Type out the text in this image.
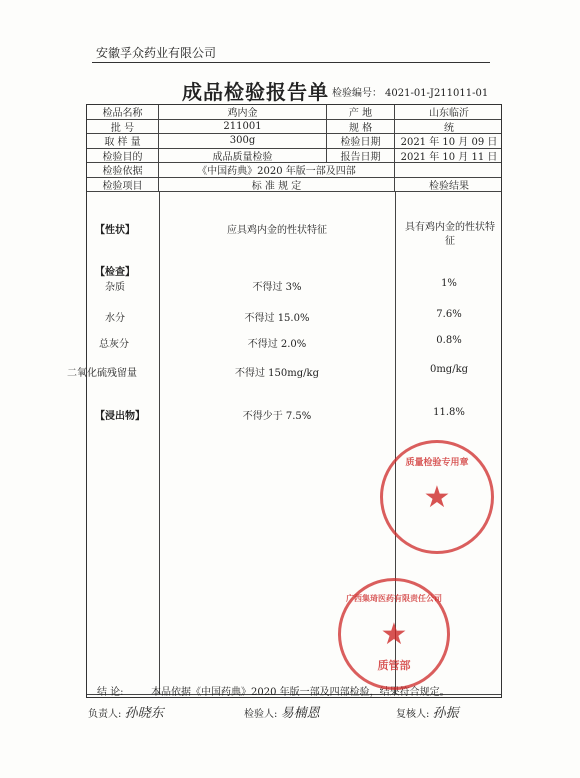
安徽孚众药业有限公司
成品检验报告单 检验编号： 4021-01-J211011-01
检品名称	鸡内金	产 地	山东临沂
批 号	211001	规 格	统
取 样 量	300g	检验日期	2021 年 10 月 09 日
检验目的	成品质量检验	报告日期	2021 年 10 月 11 日
检验依据	《中国药典》2020 年版一部及四部
检验项目	标 准 规 定	检验结果
【性状】	应具鸡内金的性状特征	具有鸡内金的性状特征
【检查】
杂质	不得过 3%	1%
水分	不得过 15.0%	7.6%
总灰分	不得过 2.0%	0.8%
二氧化硫残留量	不得过 150mg/kg	0mg/kg
【浸出物】	不得少于 7.5%	11.8%
结 论:	本品依据《中国药典》2020 年版一部及四部检验，结果符合规定。
★
质量检验专用章
★
广西集琦医药有限责任公司
质管部
负责人: 孙晓东	检验人: 易楠恩	复核人: 孙振
